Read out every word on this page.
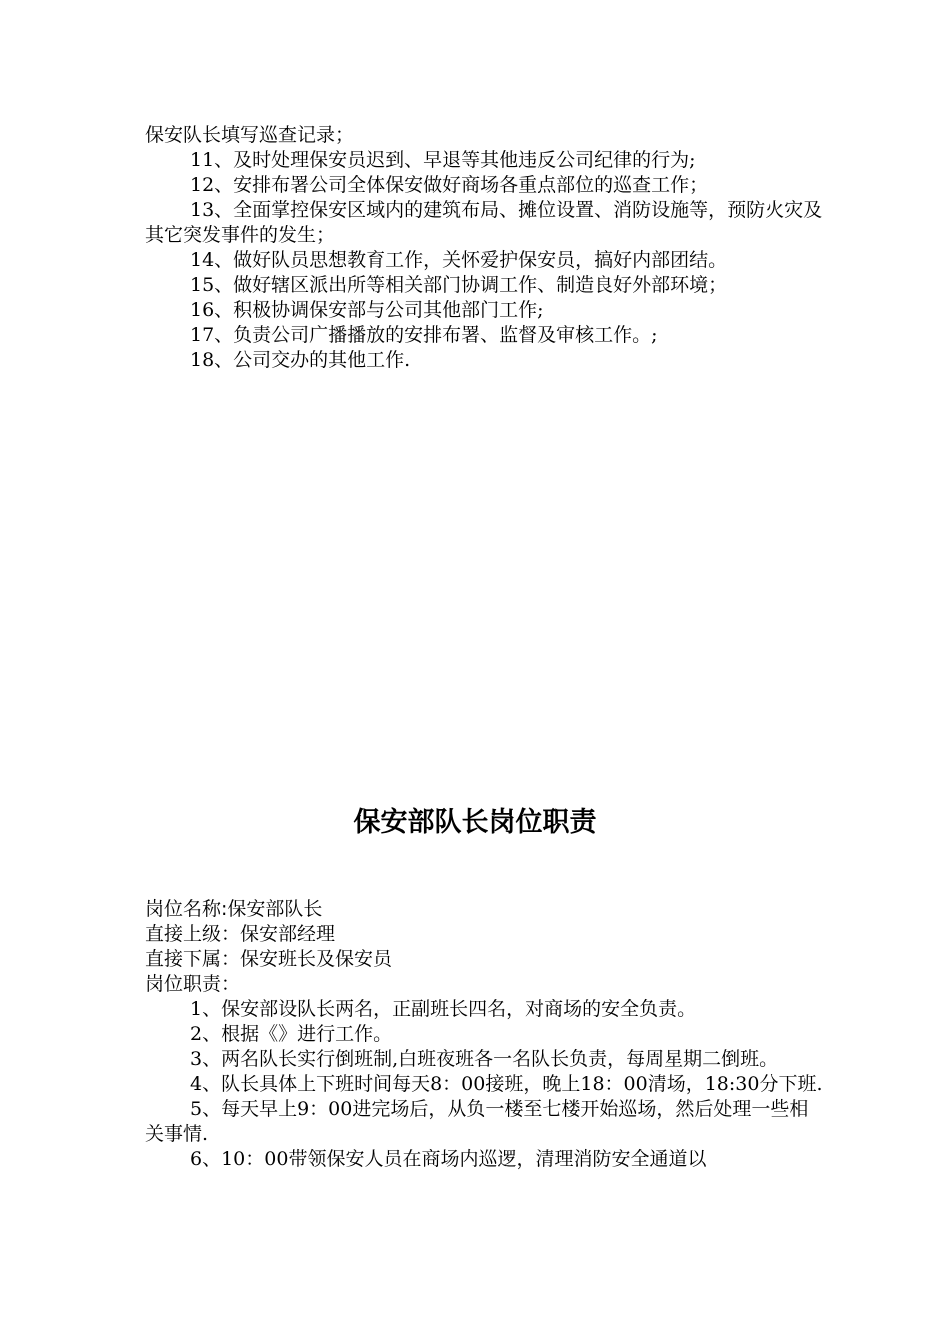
保安队长填写巡查记录；

11、及时处理保安员迟到、早退等其他违反公司纪律的行为;

12、安排布署公司全体保安做好商场各重点部位的巡查工作；

13、全面掌控保安区域内的建筑布局、摊位设置、消防设施等，预防火灾及其它突发事件的发生；

14、做好队员思想教育工作，关怀爱护保安员，搞好内部团结。

15、做好辖区派出所等相关部门协调工作、制造良好外部环境；

16、积极协调保安部与公司其他部门工作;

17、负责公司广播播放的安排布署、监督及审核工作。;

18、公司交办的其他工作.

保安部队长岗位职责

岗位名称:保安部队长

直接上级：保安部经理

直接下属：保安班长及保安员

岗位职责：

1、保安部设队长两名，正副班长四名，对商场的安全负责。

2、根据《》进行工作。

3、两名队长实行倒班制,白班夜班各一名队长负责，每周星期二倒班。

4、队长具体上下班时间每天8：00接班，晚上18：00清场，18:30分下班.

5、每天早上9：00进完场后，从负一楼至七楼开始巡场，然后处理一些相关事情.

6、10：00带领保安人员在商场内巡逻，清理消防安全通道以
